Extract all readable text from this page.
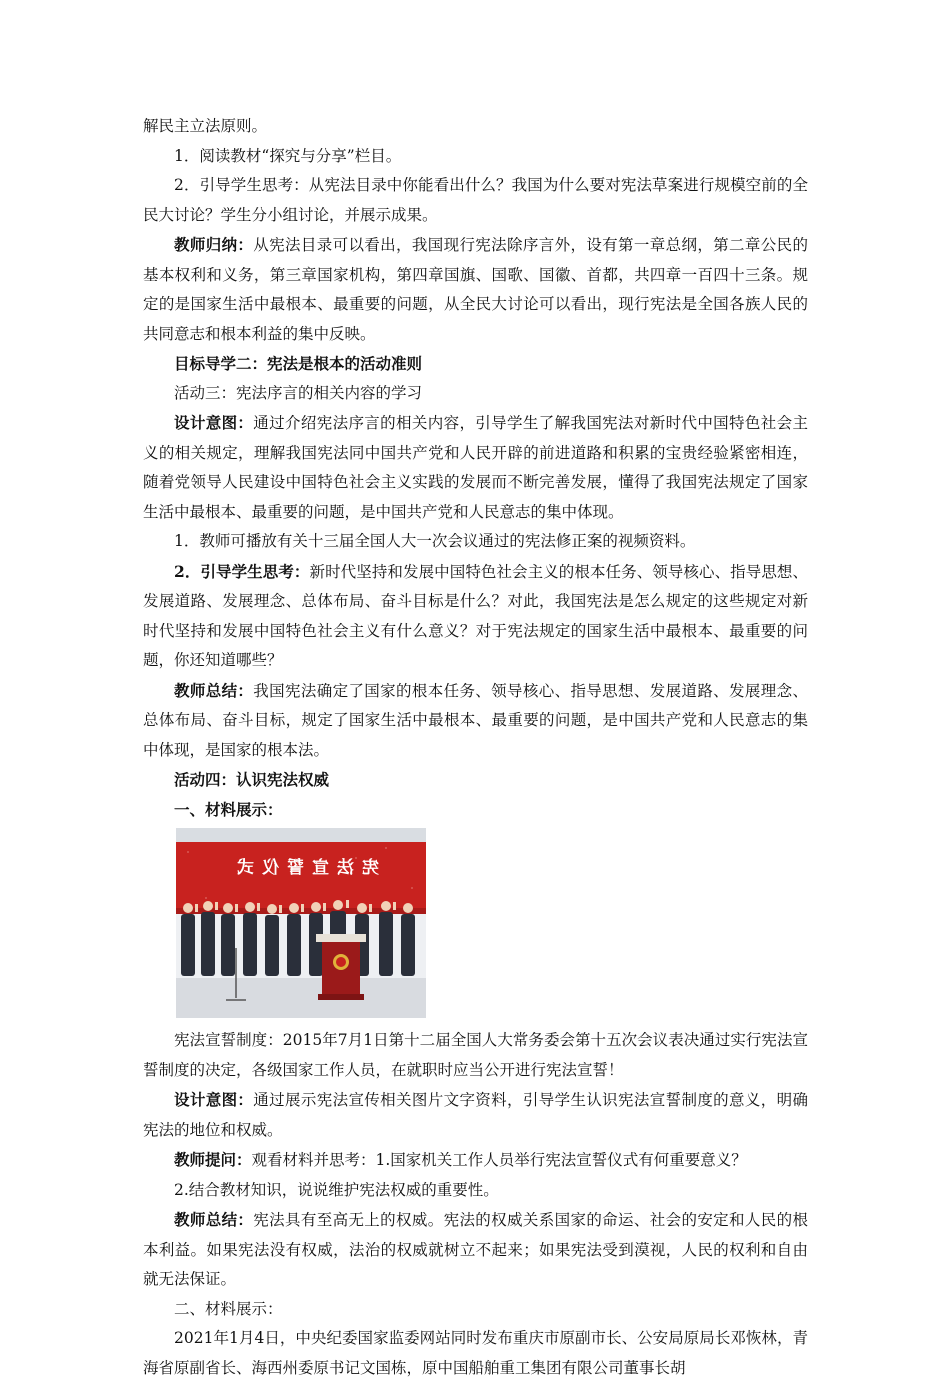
解民主立法原则。

1．阅读教材“探究与分享”栏目。

2．引导学生思考：从宪法目录中你能看出什么？我国为什么要对宪法草案进行规模空前的全民大讨论？学生分小组讨论，并展示成果。

教师归纳：从宪法目录可以看出，我国现行宪法除序言外，设有第一章总纲，第二章公民的基本权利和义务，第三章国家机构，第四章国旗、国歌、国徽、首都，共四章一百四十三条。规定的是国家生活中最根本、最重要的问题，从全民大讨论可以看出，现行宪法是全国各族人民的共同意志和根本利益的集中反映。

目标导学二：宪法是根本的活动准则

活动三：宪法序言的相关内容的学习

设计意图：通过介绍宪法序言的相关内容，引导学生了解我国宪法对新时代中国特色社会主义的相关规定，理解我国宪法同中国共产党和人民开辟的前进道路和积累的宝贵经验紧密相连，随着党领导人民建设中国特色社会主义实践的发展而不断完善发展，懂得了我国宪法规定了国家生活中最根本、最重要的问题，是中国共产党和人民意志的集中体现。

1．教师可播放有关十三届全国人大一次会议通过的宪法修正案的视频资料。

2．引导学生思考：新时代坚持和发展中国特色社会主义的根本任务、领导核心、指导思想、发展道路、发展理念、总体布局、奋斗目标是什么？对此，我国宪法是怎么规定的这些规定对新时代坚持和发展中国特色社会主义有什么意义？对于宪法规定的国家生活中最根本、最重要的问题，你还知道哪些？

教师总结：我国宪法确定了国家的根本任务、领导核心、指导思想、发展道路、发展理念、总体布局、奋斗目标，规定了国家生活中最根本、最重要的问题，是中国共产党和人民意志的集中体现，是国家的根本法。

活动四：认识宪法权威

一、材料展示：

宪法宣誓仪式

宪法宣誓制度：2015年7月1日第十二届全国人大常务委会第十五次会议表决通过实行宪法宣誓制度的决定，各级国家工作人员，在就职时应当公开进行宪法宣誓！

设计意图：通过展示宪法宣传相关图片文字资料，引导学生认识宪法宣誓制度的意义，明确宪法的地位和权威。

教师提问：观看材料并思考：1.国家机关工作人员举行宪法宣誓仪式有何重要意义？

2.结合教材知识，说说维护宪法权威的重要性。

教师总结：宪法具有至高无上的权威。宪法的权威关系国家的命运、社会的安定和人民的根本利益。如果宪法没有权威，法治的权威就树立不起来；如果宪法受到漠视，人民的权利和自由就无法保证。

二、材料展示：

2021年1月4日，中央纪委国家监委网站同时发布重庆市原副市长、公安局原局长邓恢林，青海省原副省长、海西州委原书记文国栋，原中国船舶重工集团有限公司董事长胡
